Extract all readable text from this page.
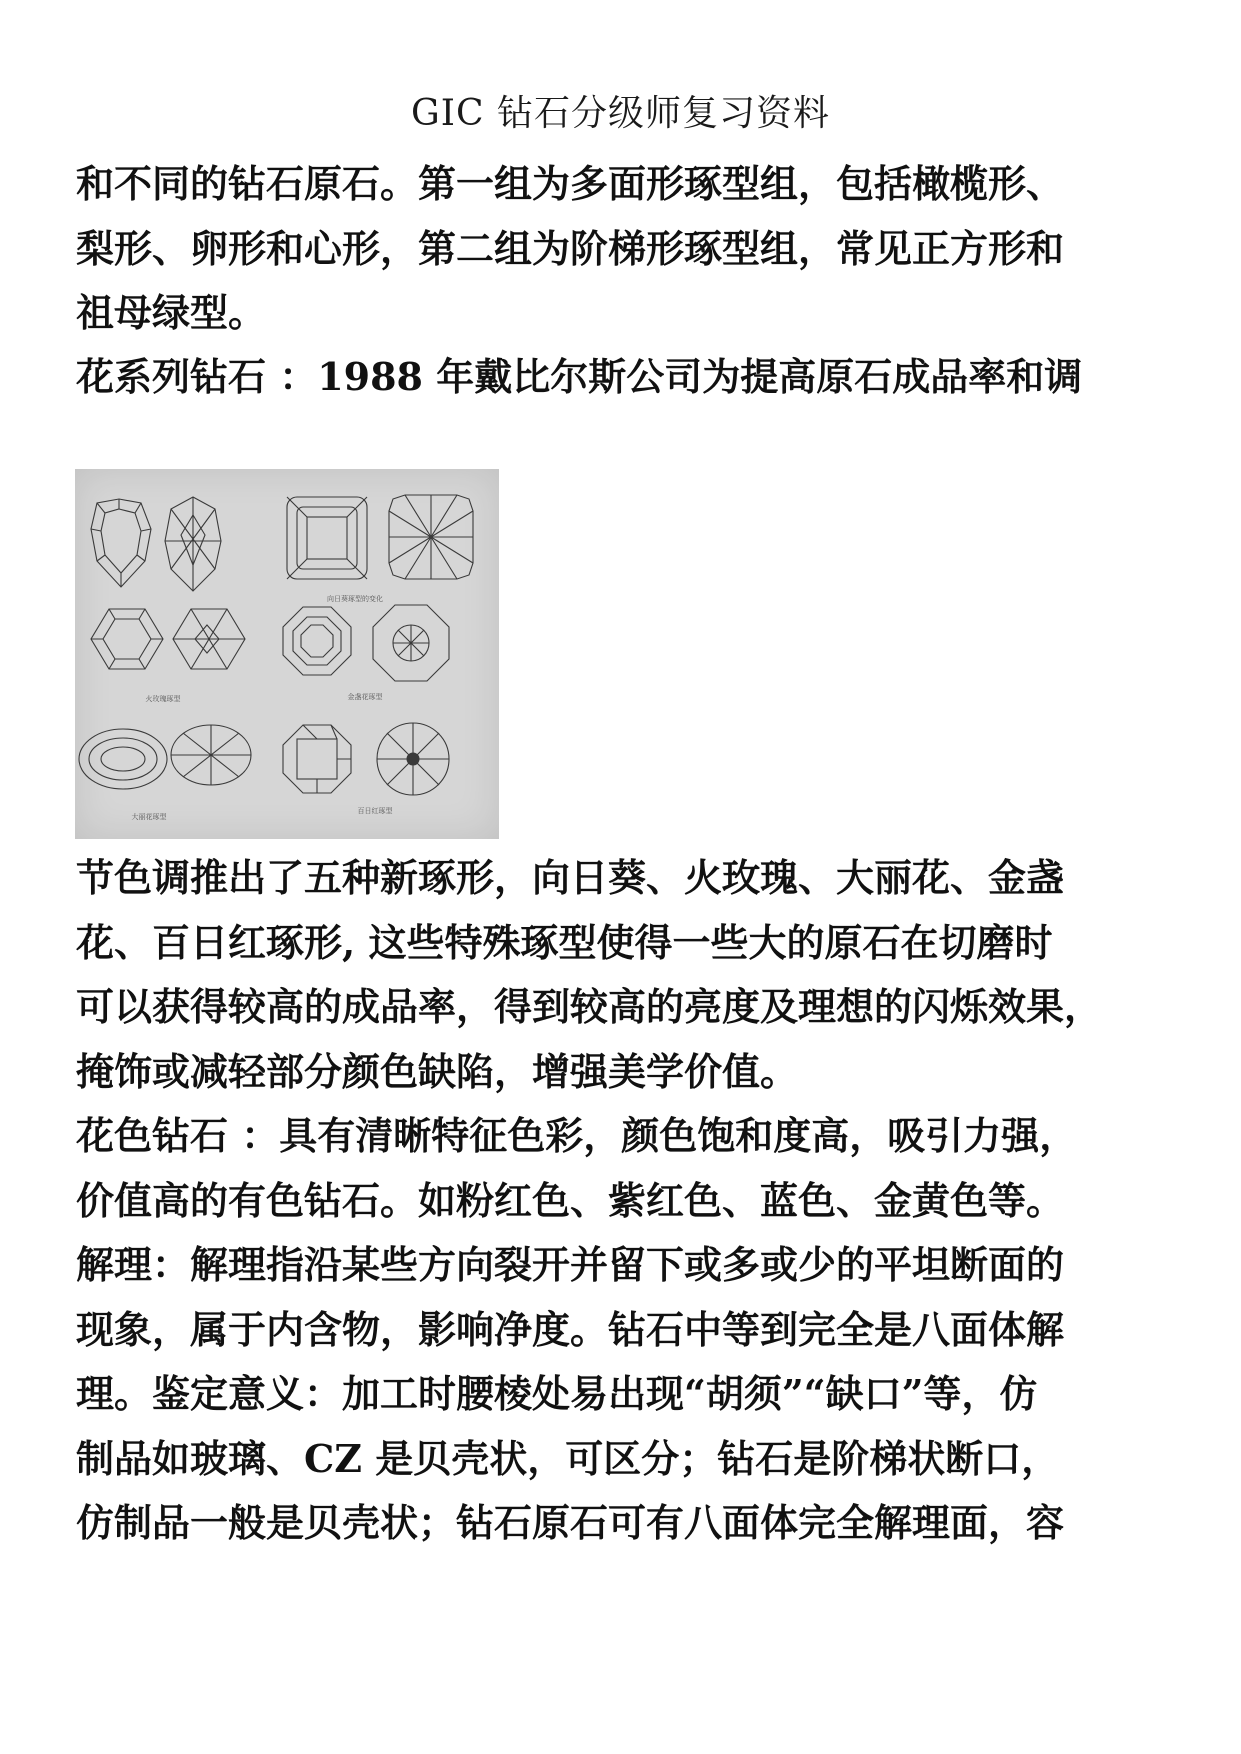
GIC 钻石分级师复习资料
和不同的钻石原石。第一组为多面形琢型组，包括橄榄形、
梨形、卵形和心形，第二组为阶梯形琢型组，常见正方形和
祖母绿型。
花系列钻石 ：1988 年戴比尔斯公司为提高原石成品率和调
向日葵琢型的变化
火玫瑰琢型	金盏花琢型
大丽花琢型
百日红琢型
节色调推出了五种新琢形，向日葵、火玫瑰、大丽花、金盏
花、百日红琢形, 这些特殊琢型使得一些大的原石在切磨时
可以获得较高的成品率，得到较高的亮度及理想的闪烁效果，
掩饰或减轻部分颜色缺陷，增强美学价值。
花色钻石 ：具有清晰特征色彩，颜色饱和度高，吸引力强，
价值高的有色钻石。如粉红色、紫红色、蓝色、金黄色等。
解理：解理指沿某些方向裂开并留下或多或少的平坦断面的
现象，属于内含物，影响净度。钻石中等到完全是八面体解
理。鉴定意义：加工时腰棱处易出现“胡须”“缺口”等，仿
制品如玻璃、CZ 是贝壳状，可区分；钻石是阶梯状断口，
仿制品一般是贝壳状；钻石原石可有八面体完全解理面，容
